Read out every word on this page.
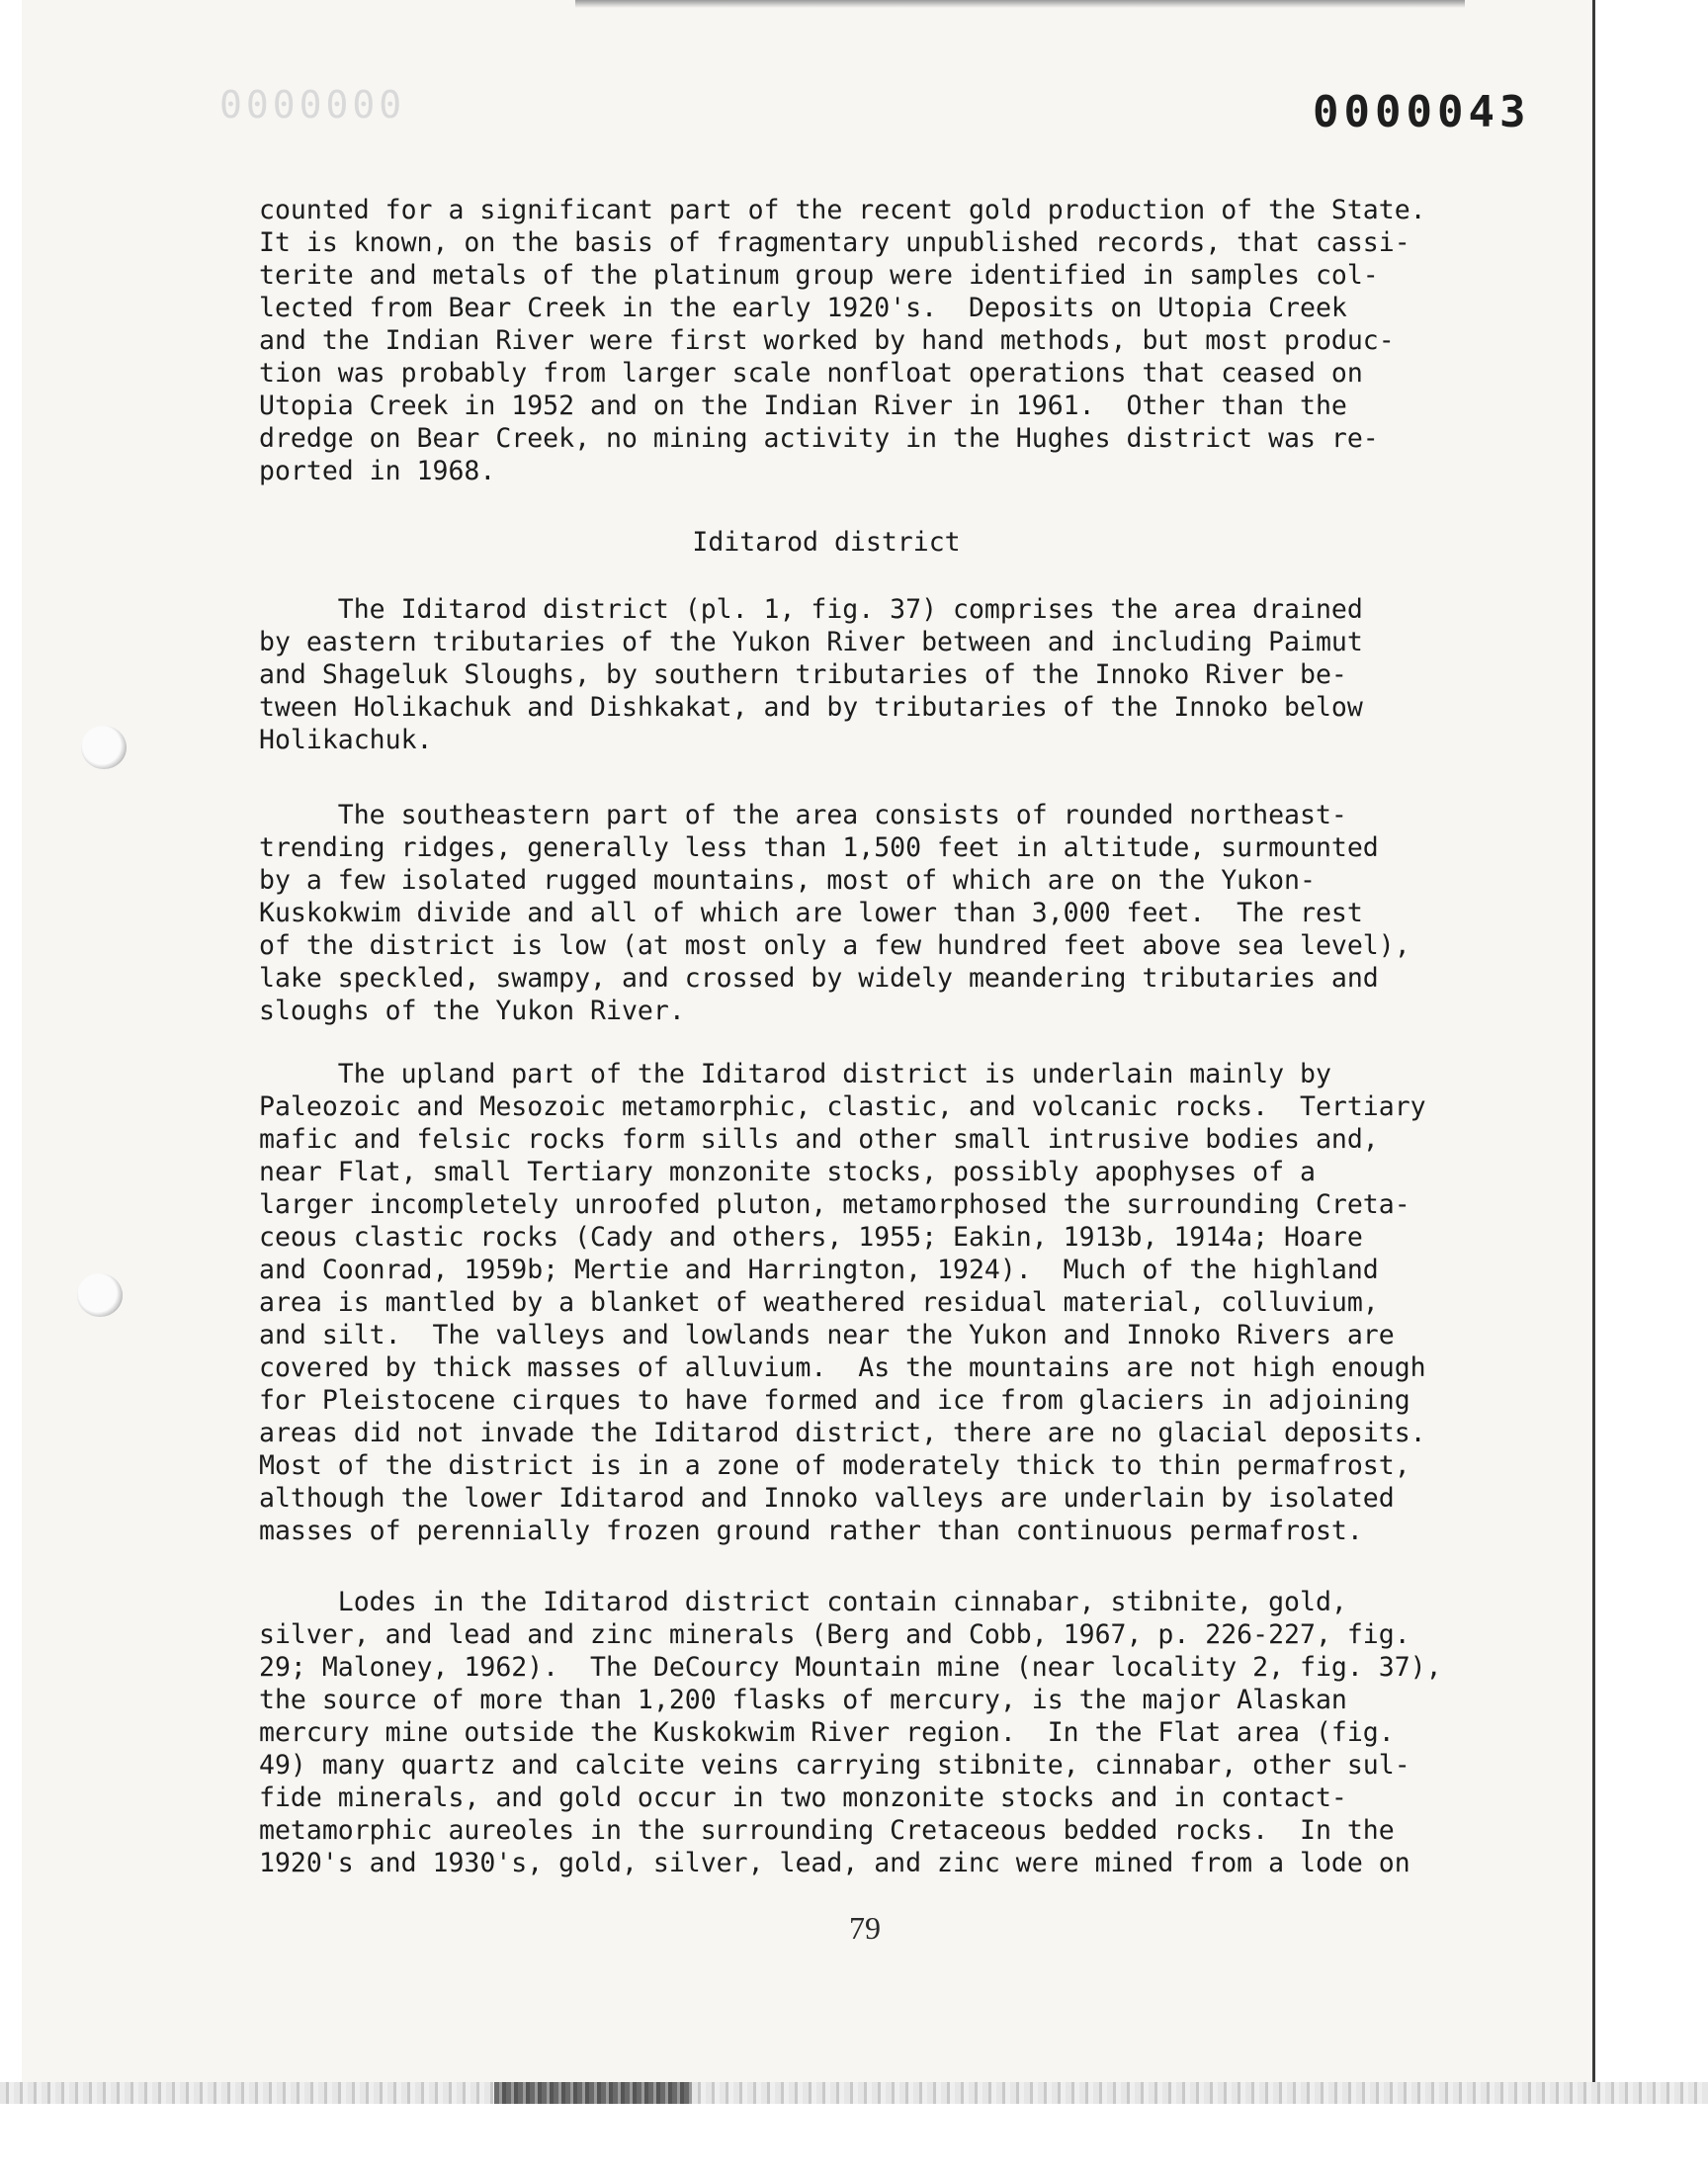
0000000	0000043

counted for a significant part of the recent gold production of the State.
It is known, on the basis of fragmentary unpublished records, that cassi-
terite and metals of the platinum group were identified in samples col-
lected from Bear Creek in the early 1920's.  Deposits on Utopia Creek
and the Indian River were first worked by hand methods, but most produc-
tion was probably from larger scale nonfloat operations that ceased on
Utopia Creek in 1952 and on the Indian River in 1961.  Other than the
dredge on Bear Creek, no mining activity in the Hughes district was re-
ported in 1968.

Iditarod district

The Iditarod district (pl. 1, fig. 37) comprises the area drained
by eastern tributaries of the Yukon River between and including Paimut
and Shageluk Sloughs, by southern tributaries of the Innoko River be-
tween Holikachuk and Dishkakat, and by tributaries of the Innoko below
Holikachuk.

The southeastern part of the area consists of rounded northeast-
trending ridges, generally less than 1,500 feet in altitude, surmounted
by a few isolated rugged mountains, most of which are on the Yukon-
Kuskokwim divide and all of which are lower than 3,000 feet.  The rest
of the district is low (at most only a few hundred feet above sea level),
lake speckled, swampy, and crossed by widely meandering tributaries and
sloughs of the Yukon River.

The upland part of the Iditarod district is underlain mainly by
Paleozoic and Mesozoic metamorphic, clastic, and volcanic rocks.  Tertiary
mafic and felsic rocks form sills and other small intrusive bodies and,
near Flat, small Tertiary monzonite stocks, possibly apophyses of a
larger incompletely unroofed pluton, metamorphosed the surrounding Creta-
ceous clastic rocks (Cady and others, 1955; Eakin, 1913b, 1914a; Hoare
and Coonrad, 1959b; Mertie and Harrington, 1924).  Much of the highland
area is mantled by a blanket of weathered residual material, colluvium,
and silt.  The valleys and lowlands near the Yukon and Innoko Rivers are
covered by thick masses of alluvium.  As the mountains are not high enough
for Pleistocene cirques to have formed and ice from glaciers in adjoining
areas did not invade the Iditarod district, there are no glacial deposits.
Most of the district is in a zone of moderately thick to thin permafrost,
although the lower Iditarod and Innoko valleys are underlain by isolated
masses of perennially frozen ground rather than continuous permafrost.

Lodes in the Iditarod district contain cinnabar, stibnite, gold,
silver, and lead and zinc minerals (Berg and Cobb, 1967, p. 226-227, fig.
29; Maloney, 1962).  The DeCourcy Mountain mine (near locality 2, fig. 37),
the source of more than 1,200 flasks of mercury, is the major Alaskan
mercury mine outside the Kuskokwim River region.  In the Flat area (fig.
49) many quartz and calcite veins carrying stibnite, cinnabar, other sul-
fide minerals, and gold occur in two monzonite stocks and in contact-
metamorphic aureoles in the surrounding Cretaceous bedded rocks.  In the
1920's and 1930's, gold, silver, lead, and zinc were mined from a lode on

79
